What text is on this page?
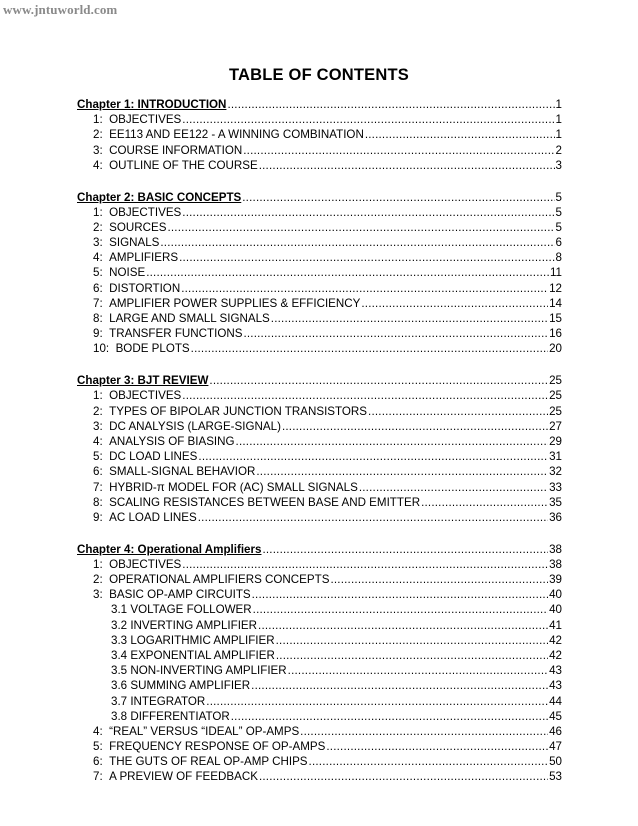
www.jntuworld.com
TABLE OF CONTENTS
Chapter 1: INTRODUCTION .....	1
1: OBJECTIVES .....	1
2: EE113 AND EE122 - A WINNING COMBINATION .....	1
3: COURSE INFORMATION .....	2
4: OUTLINE OF THE COURSE .....	3
Chapter 2: BASIC CONCEPTS .....	5
1: OBJECTIVES .....	5
2: SOURCES .....	5
3: SIGNALS .....	6
4: AMPLIFIERS .....	8
5: NOISE .....	11
6: DISTORTION .....	12
7: AMPLIFIER POWER SUPPLIES & EFFICIENCY .....	14
8: LARGE AND SMALL SIGNALS .....	15
9: TRANSFER FUNCTIONS .....	16
10: BODE PLOTS .....	20
Chapter 3: BJT REVIEW .....	25
1: OBJECTIVES .....	25
2: TYPES OF BIPOLAR JUNCTION TRANSISTORS .....	25
3: DC ANALYSIS (LARGE-SIGNAL) .....	27
4: ANALYSIS OF BIASING .....	29
5: DC LOAD LINES .....	31
6: SMALL-SIGNAL BEHAVIOR .....	32
7: HYBRID-π MODEL FOR (AC) SMALL SIGNALS .....	33
8: SCALING RESISTANCES BETWEEN BASE AND EMITTER .....	35
9: AC LOAD LINES .....	36
Chapter 4: Operational Amplifiers .....	38
1: OBJECTIVES .....	38
2: OPERATIONAL AMPLIFIERS CONCEPTS .....	39
3: BASIC OP-AMP CIRCUITS .....	40
3.1 VOLTAGE FOLLOWER .....	40
3.2 INVERTING AMPLIFIER .....	41
3.3 LOGARITHMIC AMPLIFIER .....	42
3.4 EXPONENTIAL AMPLIFIER .....	42
3.5 NON-INVERTING AMPLIFIER .....	43
3.6 SUMMING AMPLIFIER .....	43
3.7 INTEGRATOR .....	44
3.8 DIFFERENTIATOR .....	45
4: “REAL” VERSUS “IDEAL” OP-AMPS .....	46
5: FREQUENCY RESPONSE OF OP-AMPS .....	47
6: THE GUTS OF REAL OP-AMP CHIPS .....	50
7: A PREVIEW OF FEEDBACK .....	53
